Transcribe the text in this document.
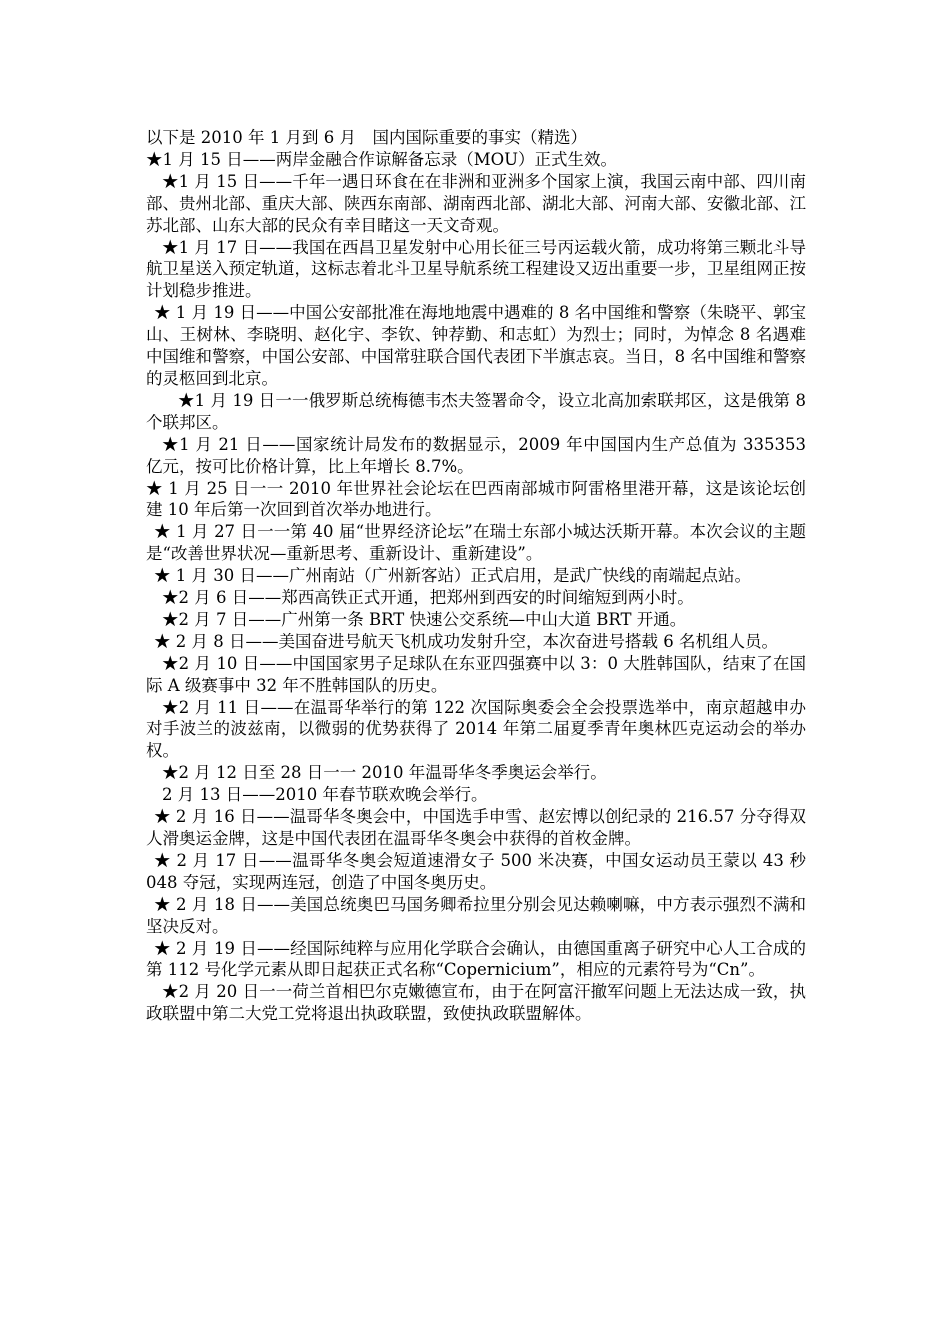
以下是 2010 年 1 月到 6 月　国内国际重要的事实（精选）

★1 月 15 日——两岸金融合作谅解备忘录（MOU）正式生效。

★1 月 15 日——千年一遇日环食在在非洲和亚洲多个国家上演，我国云南中部、四川南部、贵州北部、重庆大部、陕西东南部、湖南西北部、湖北大部、河南大部、安徽北部、江苏北部、山东大部的民众有幸目睹这一天文奇观。

★1 月 17 日——我国在西昌卫星发射中心用长征三号丙运载火箭，成功将第三颗北斗导航卫星送入预定轨道，这标志着北斗卫星导航系统工程建设又迈出重要一步，卫星组网正按计划稳步推进。

★ 1 月 19 日——中国公安部批准在海地地震中遇难的 8 名中国维和警察（朱晓平、郭宝山、王树林、李晓明、赵化宇、李钦、钟荐勤、和志虹）为烈士；同时，为悼念 8 名遇难中国维和警察，中国公安部、中国常驻联合国代表团下半旗志哀。当日，8 名中国维和警察的灵柩回到北京。

★1 月 19 日一一俄罗斯总统梅德韦杰夫签署命令，设立北高加索联邦区，这是俄第 8 个联邦区。

★1 月 21 日——国家统计局发布的数据显示，2009 年中国国内生产总值为 335353 亿元，按可比价格计算，比上年增长 8.7%。

★ 1 月 25 日一一 2010 年世界社会论坛在巴西南部城市阿雷格里港开幕，这是该论坛创建 10 年后第一次回到首次举办地进行。

★ 1 月 27 日一一第 40 届“世界经济论坛”在瑞士东部小城达沃斯开幕。本次会议的主题是“改善世界状况—重新思考、重新设计、重新建设”。

★ 1 月 30 日——广州南站（广州新客站）正式启用，是武广快线的南端起点站。

★2 月 6 日——郑西高铁正式开通，把郑州到西安的时间缩短到两小时。

★2 月 7 日——广州第一条 BRT 快速公交系统—中山大道 BRT 开通。

★ 2 月 8 日——美国奋进号航天飞机成功发射升空，本次奋进号搭载 6 名机组人员。

★2 月 10 日——中国国家男子足球队在东亚四强赛中以 3：0 大胜韩国队，结束了在国际 A 级赛事中 32 年不胜韩国队的历史。

★2 月 11 日——在温哥华举行的第 122 次国际奥委会全会投票选举中，南京超越申办对手波兰的波兹南，以微弱的优势获得了 2014 年第二届夏季青年奥林匹克运动会的举办权。

★2 月 12 日至 28 日一一 2010 年温哥华冬季奥运会举行。

2 月 13 日——2010 年春节联欢晚会举行。

★ 2 月 16 日——温哥华冬奥会中，中国选手申雪、赵宏博以创纪录的 216.57 分夺得双人滑奥运金牌，这是中国代表团在温哥华冬奥会中获得的首枚金牌。

★ 2 月 17 日——温哥华冬奥会短道速滑女子 500 米决赛，中国女运动员王蒙以 43 秒 048 夺冠，实现两连冠，创造了中国冬奥历史。

★ 2 月 18 日——美国总统奥巴马国务卿希拉里分别会见达赖喇嘛，中方表示强烈不满和坚决反对。

★ 2 月 19 日——经国际纯粹与应用化学联合会确认，由德国重离子研究中心人工合成的第 112 号化学元素从即日起获正式名称“Copernicium”，相应的元素符号为“Cn”。

★2 月 20 日一一荷兰首相巴尔克嫩德宣布，由于在阿富汗撤军问题上无法达成一致，执政联盟中第二大党工党将退出执政联盟，致使执政联盟解体。
